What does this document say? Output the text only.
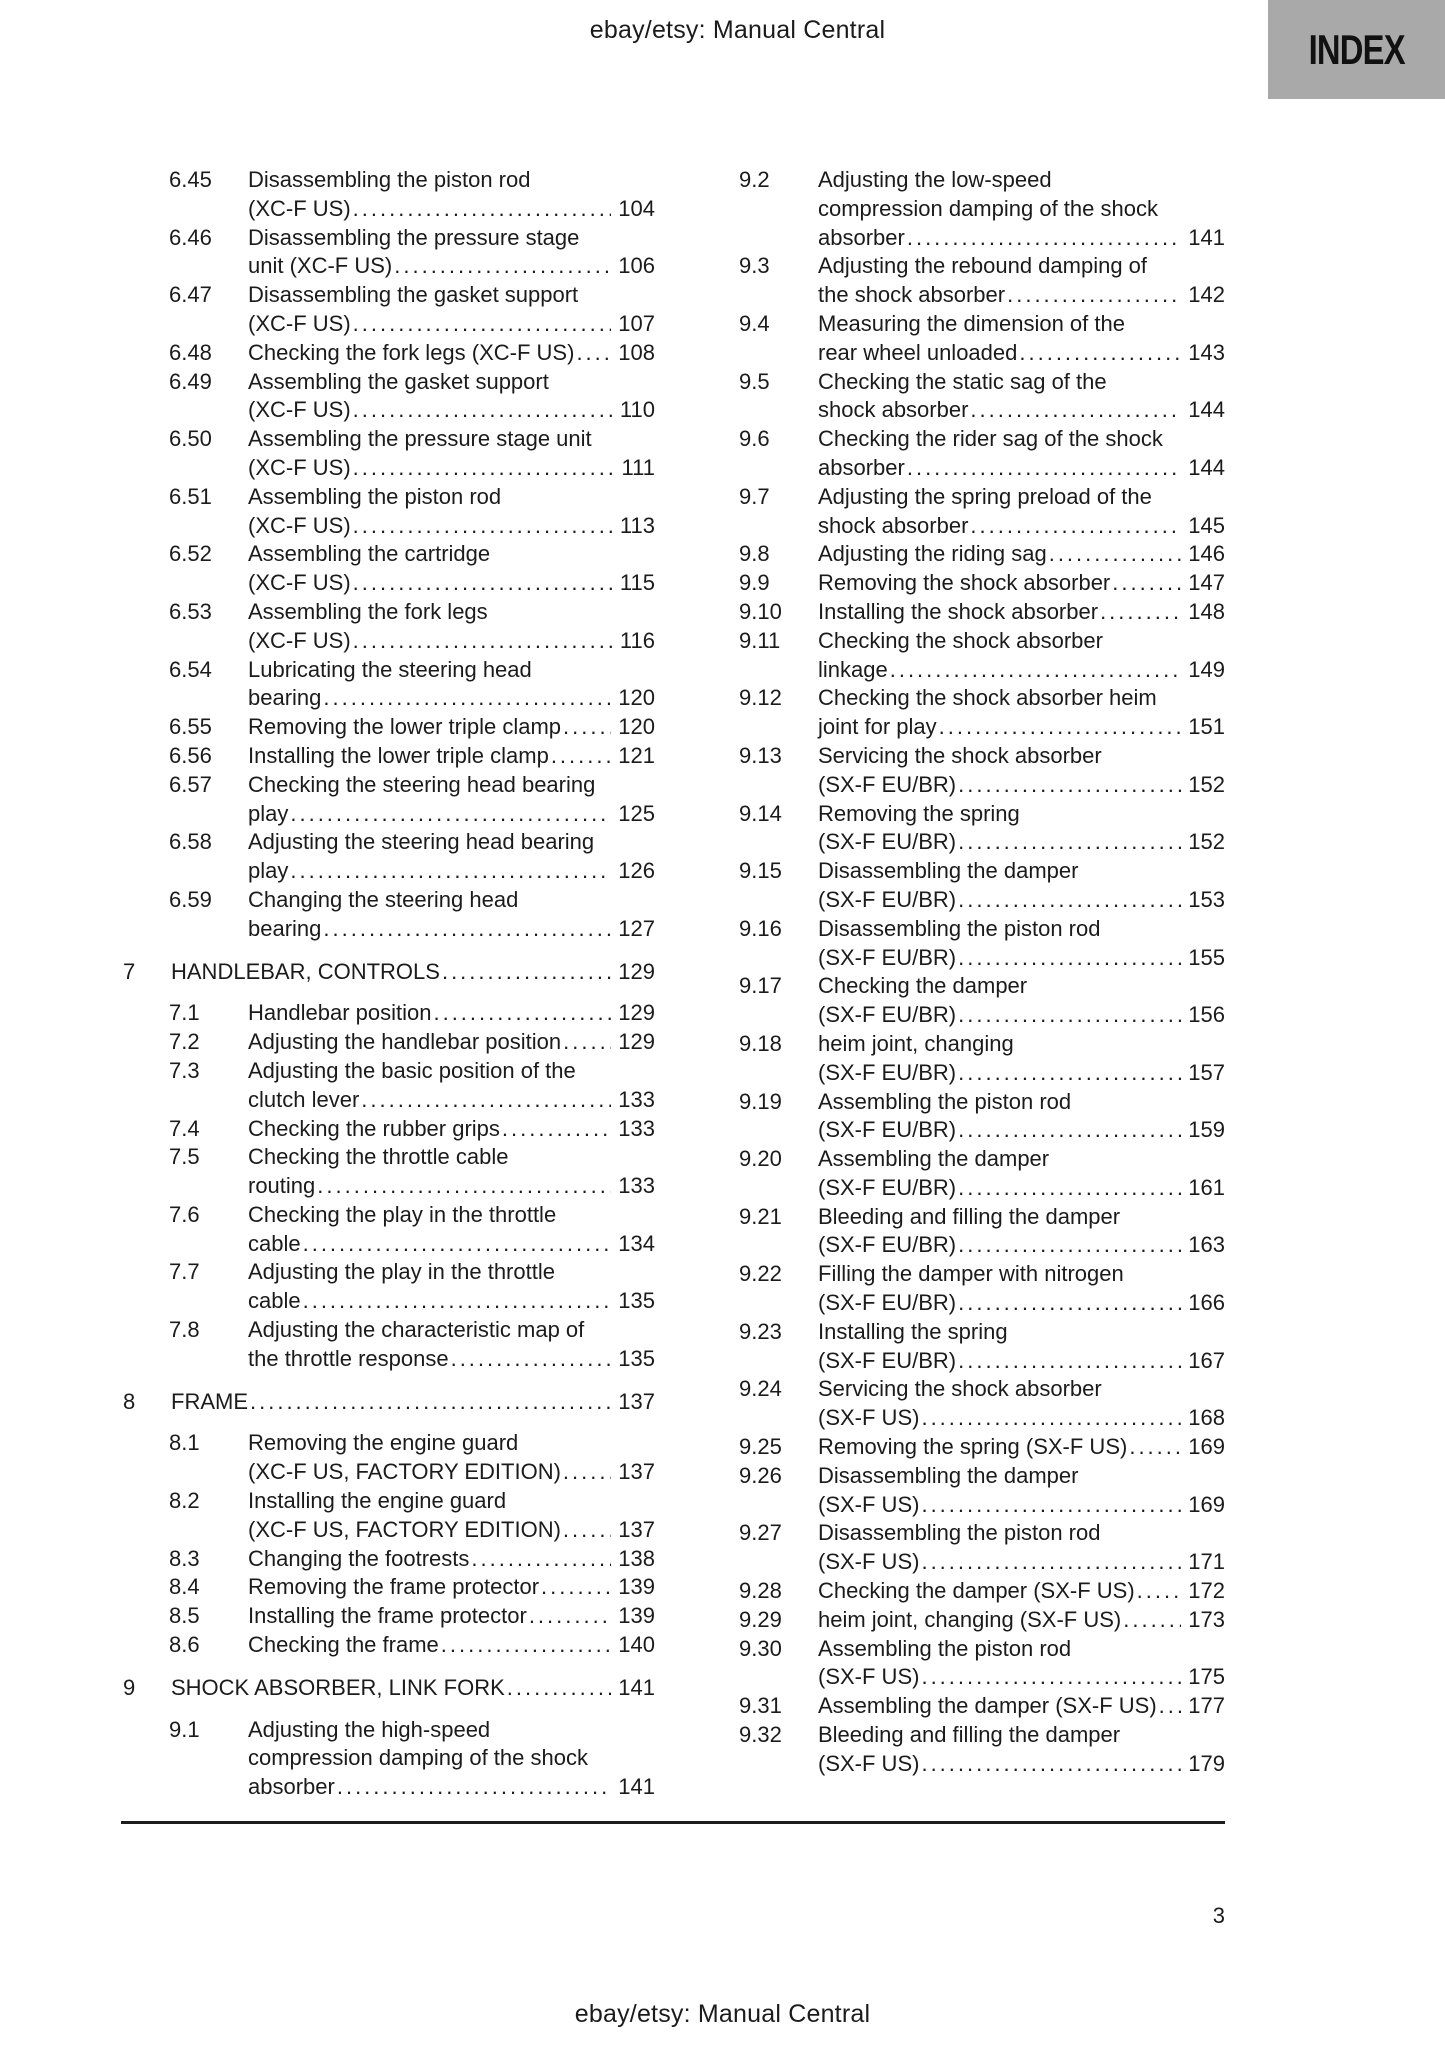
ebay/etsy: Manual Central	INDEX
6.45	Disassembling the piston rod
(XC-F US) .....	104
6.46	Disassembling the pressure stage
unit (XC-F US) .....	106
6.47	Disassembling the gasket support
(XC-F US) .....	107
6.48	Checking the fork legs (XC-F US) ..... 108
6.49	Assembling the gasket support
(XC-F US) .....	110
6.50	Assembling the pressure stage unit
(XC-F US) .....	111
6.51	Assembling the piston rod
(XC-F US) .....	113
6.52	Assembling the cartridge
(XC-F US) .....	115
6.53	Assembling the fork legs
(XC-F US) .....	116
6.54	Lubricating the steering head
bearing .....	120
6.55	Removing the lower triple clamp .....	120
6.56	Installing the lower triple clamp .....	121
6.57	Checking the steering head bearing
play .....	125
6.58	Adjusting the steering head bearing
play .....	126
6.59	Changing the steering head
bearing .....	127
7	HANDLEBAR, CONTROLS .....	129
7.1	Handlebar position .....	129
7.2	Adjusting the handlebar position .....	129
7.3	Adjusting the basic position of the
clutch lever .....	133
7.4	Checking the rubber grips .....	133
7.5	Checking the throttle cable
routing .....	133
7.6	Checking the play in the throttle
cable .....	134
7.7	Adjusting the play in the throttle
cable .....	135
7.8	Adjusting the characteristic map of
the throttle response .....	135
8	FRAME .....	137
8.1	Removing the engine guard
(XC-F US, FACTORY EDITION) .....	137
8.2	Installing the engine guard
(XC-F US, FACTORY EDITION) .....	137
8.3	Changing the footrests .....	138
8.4	Removing the frame protector .....	139
8.5	Installing the frame protector .....	139
8.6	Checking the frame .....	140
9	SHOCK ABSORBER, LINK FORK .....	141
9.1	Adjusting the high-speed
compression damping of the shock
absorber .....	141
9.2	Adjusting the low-speed
compression damping of the shock
absorber .....	141
9.3	Adjusting the rebound damping of
the shock absorber .....	142
9.4	Measuring the dimension of the
rear wheel unloaded .....	143
9.5	Checking the static sag of the
shock absorber .....	144
9.6	Checking the rider sag of the shock
absorber .....	144
9.7	Adjusting the spring preload of the
shock absorber .....	145
9.8	Adjusting the riding sag .....	146
9.9	Removing the shock absorber .....	147
9.10	Installing the shock absorber .....	148
9.11	Checking the shock absorber
linkage .....	149
9.12	Checking the shock absorber heim
joint for play .....	151
9.13	Servicing the shock absorber
(SX-F EU/BR) .....	152
9.14	Removing the spring
(SX-F EU/BR) .....	152
9.15	Disassembling the damper
(SX-F EU/BR) .....	153
9.16	Disassembling the piston rod
(SX-F EU/BR) .....	155
9.17	Checking the damper
(SX-F EU/BR) .....	156
9.18	heim joint, changing
(SX-F EU/BR) .....	157
9.19	Assembling the piston rod
(SX-F EU/BR) .....	159
9.20	Assembling the damper
(SX-F EU/BR) .....	161
9.21	Bleeding and filling the damper
(SX-F EU/BR) .....	163
9.22	Filling the damper with nitrogen
(SX-F EU/BR) .....	166
9.23	Installing the spring
(SX-F EU/BR) .....	167
9.24	Servicing the shock absorber
(SX-F US) .....	168
9.25	Removing the spring (SX-F US) .....	169
9.26	Disassembling the damper
(SX-F US) .....	169
9.27	Disassembling the piston rod
(SX-F US) .....	171
9.28	Checking the damper (SX-F US) ..... 172
9.29	heim joint, changing (SX-F US) .....	173
9.30	Assembling the piston rod
(SX-F US) .....	175
9.31	Assembling the damper (SX-F US) ..... 177
9.32	Bleeding and filling the damper
(SX-F US) .....	179
3
ebay/etsy: Manual Central
